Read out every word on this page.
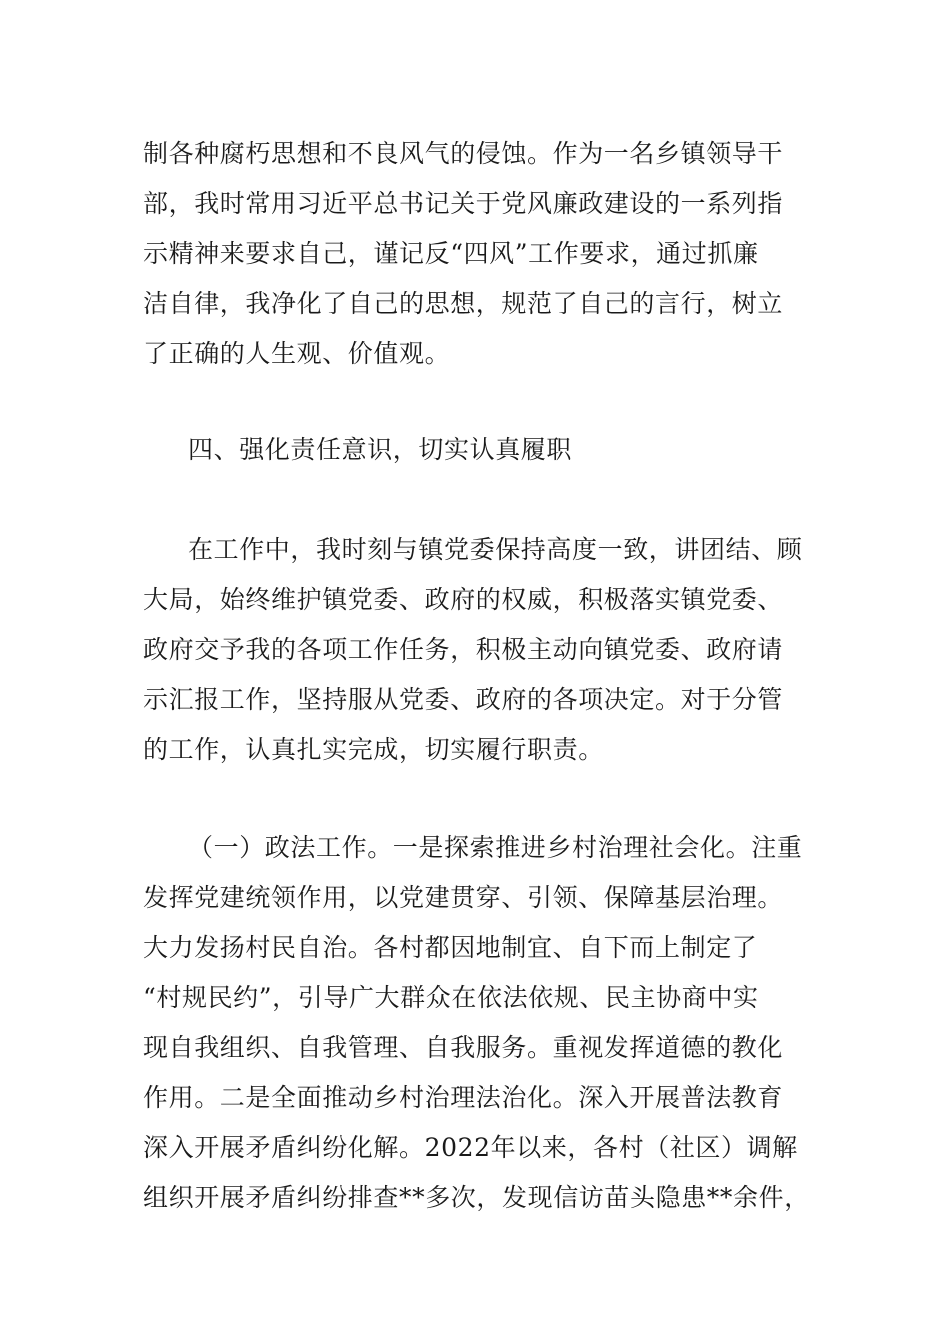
制各种腐朽思想和不良风气的侵蚀。作为一名乡镇领导干
部，我时常用习近平总书记关于党风廉政建设的一系列指
示精神来要求自己，谨记反“四风”工作要求，通过抓廉
洁自律，我净化了自己的思想，规范了自己的言行，树立
了正确的人生观、价值观。
四、强化责任意识，切实认真履职
在工作中，我时刻与镇党委保持高度一致，讲团结、顾
大局，始终维护镇党委、政府的权威，积极落实镇党委、
政府交予我的各项工作任务，积极主动向镇党委、政府请
示汇报工作，坚持服从党委、政府的各项决定。对于分管
的工作，认真扎实完成，切实履行职责。
（一）政法工作。一是探索推进乡村治理社会化。注重
发挥党建统领作用，以党建贯穿、引领、保障基层治理。
大力发扬村民自治。各村都因地制宜、自下而上制定了
“村规民约”，引导广大群众在依法依规、民主协商中实
现自我组织、自我管理、自我服务。重视发挥道德的教化
作用。二是全面推动乡村治理法治化。深入开展普法教育
深入开展矛盾纠纷化解。2022年以来，各村（社区）调解
组织开展矛盾纠纷排查**多次，发现信访苗头隐患**余件，
